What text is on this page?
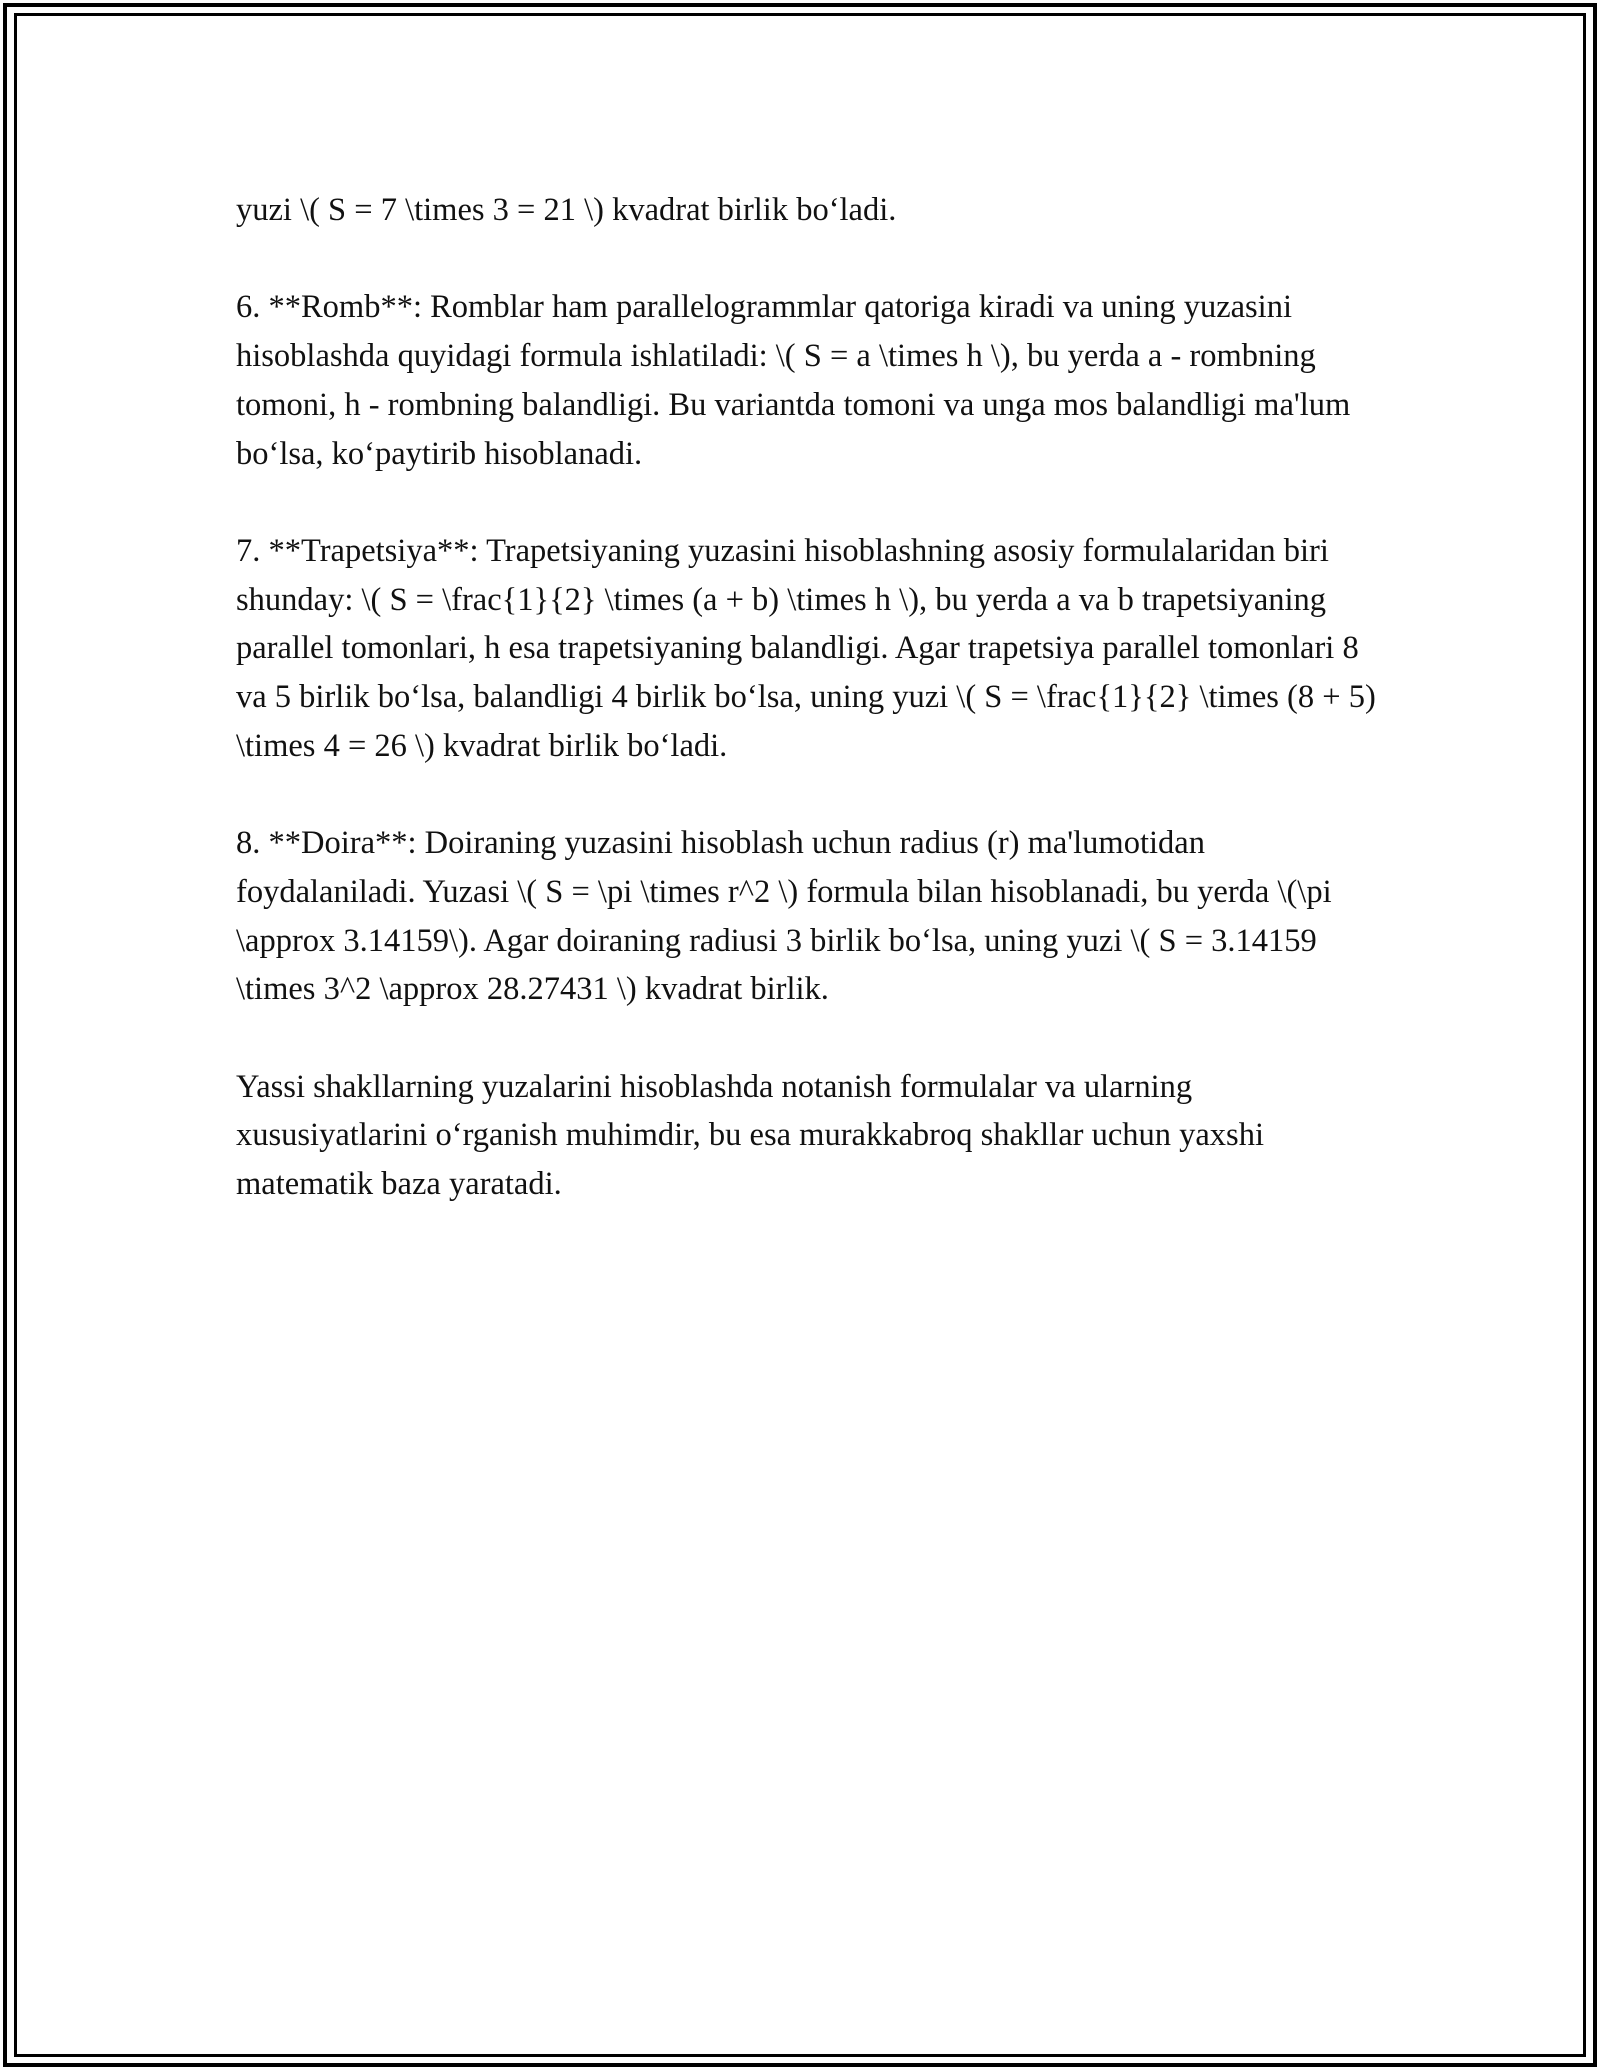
yuzi \( S = 7 \times 3 = 21 \) kvadrat birlik bo‘ladi.

6. **Romb**: Romblar ham parallelogrammlar qatoriga kiradi va uning yuzasini hisoblashda quyidagi formula ishlatiladi: \( S = a \times h \), bu yerda a - rombning tomoni, h - rombning balandligi. Bu variantda tomoni va unga mos balandligi ma'lum bo‘lsa, ko‘paytirib hisoblanadi.

7. **Trapetsiya**: Trapetsiyaning yuzasini hisoblashning asosiy formulalaridan biri shunday: \( S = \frac{1}{2} \times (a + b) \times h \), bu yerda a va b trapetsiyaning parallel tomonlari, h esa trapetsiyaning balandligi. Agar trapetsiya parallel tomonlari 8 va 5 birlik bo‘lsa, balandligi 4 birlik bo‘lsa, uning yuzi \( S = \frac{1}{2} \times (8 + 5) \times 4 = 26 \) kvadrat birlik bo‘ladi.

8. **Doira**: Doiraning yuzasini hisoblash uchun radius (r) ma'lumotidan foydalaniladi. Yuzasi \( S = \pi \times r^2 \) formula bilan hisoblanadi, bu yerda \(\pi \approx 3.14159\). Agar doiraning radiusi 3 birlik bo‘lsa, uning yuzi \( S = 3.14159 \times 3^2 \approx 28.27431 \) kvadrat birlik.

Yassi shakllarning yuzalarini hisoblashda notanish formulalar va ularning xususiyatlarini o‘rganish muhimdir, bu esa murakkabroq shakllar uchun yaxshi matematik baza yaratadi.
